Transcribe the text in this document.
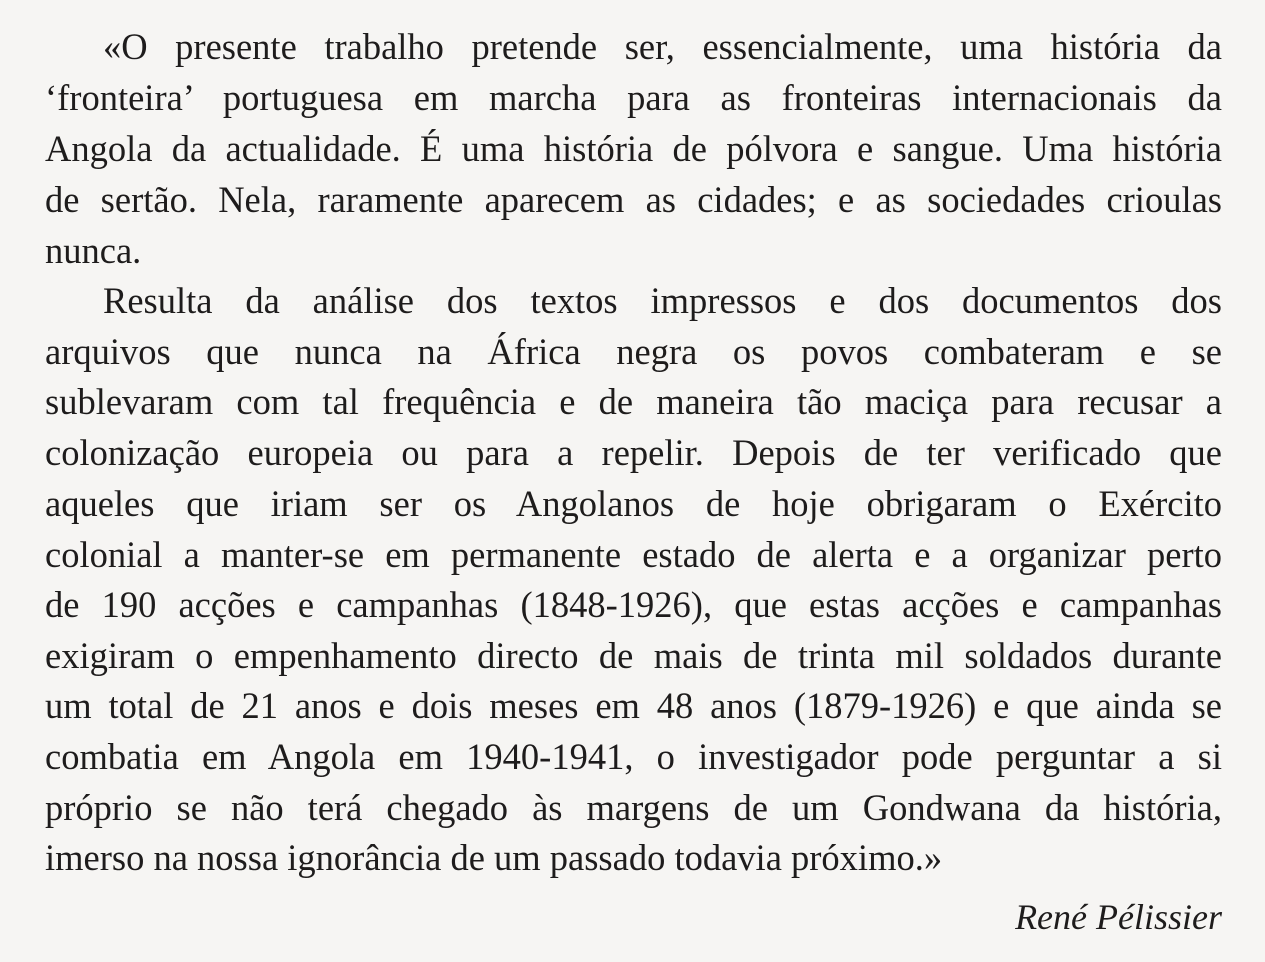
«O presente trabalho pretende ser, essencialmente, uma história da
‘fronteira’ portuguesa em marcha para as fronteiras internacionais da
Angola da actualidade. É uma história de pólvora e sangue. Uma história
de sertão. Nela, raramente aparecem as cidades; e as sociedades crioulas
nunca.
Resulta da análise dos textos impressos e dos documentos dos
arquivos que nunca na África negra os povos combateram e se
sublevaram com tal frequência e de maneira tão maciça para recusar a
colonização europeia ou para a repelir. Depois de ter verificado que
aqueles que iriam ser os Angolanos de hoje obrigaram o Exército
colonial a manter-se em permanente estado de alerta e a organizar perto
de 190 acções e campanhas (1848-1926), que estas acções e campanhas
exigiram o empenhamento directo de mais de trinta mil soldados durante
um total de 21 anos e dois meses em 48 anos (1879-1926) e que ainda se
combatia em Angola em 1940-1941, o investigador pode perguntar a si
próprio se não terá chegado às margens de um Gondwana da história,
imerso na nossa ignorância de um passado todavia próximo.»
René Pélissier
